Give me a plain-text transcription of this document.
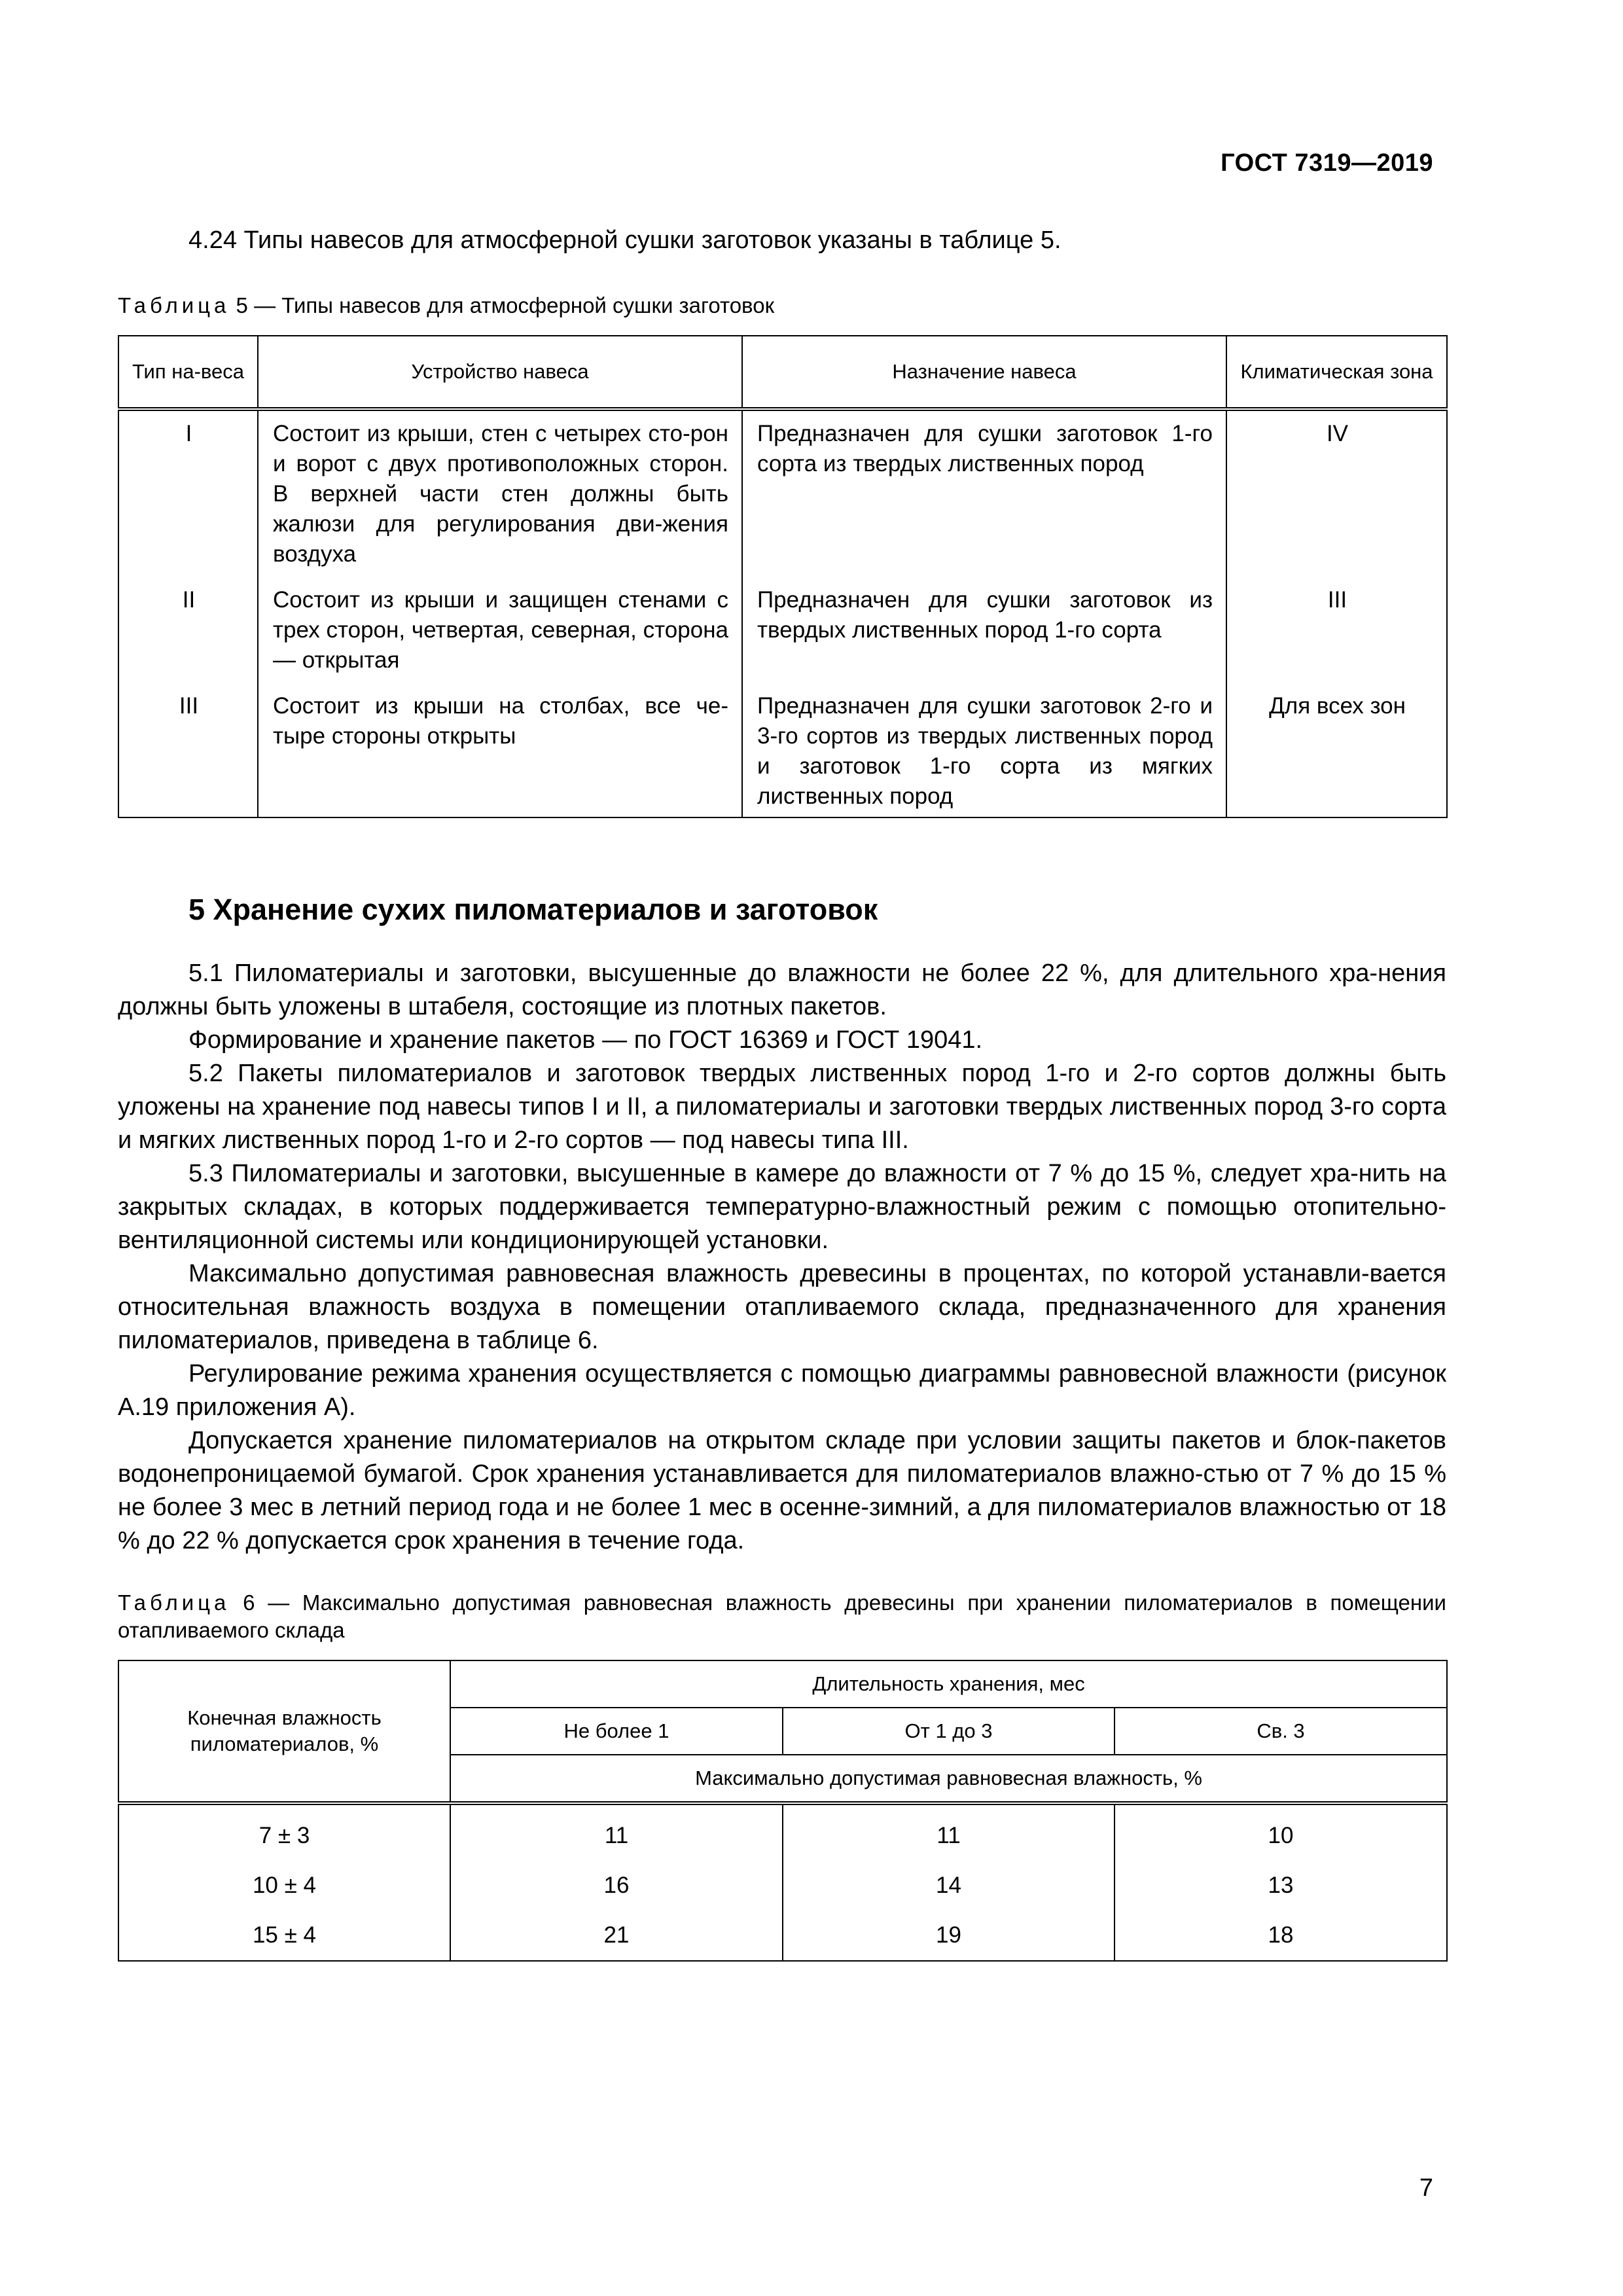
ГОСТ 7319—2019
4.24 Типы навесов для атмосферной сушки заготовок указаны в таблице 5.
Таблица 5 — Типы навесов для атмосферной сушки заготовок
Тип на-веса	Устройство навеса	Назначение навеса	Климатическая зона
I	Состоит из крыши, стен с четырех сто-рон и ворот с двух противоположных сторон. В верхней части стен должны быть жалюзи для регулирования дви-жения воздуха	Предназначен для сушки заготовок 1-го сорта из твердых лиственных пород	IV
II	Состоит из крыши и защищен стенами с трех сторон, четвертая, северная, сторона — открытая	Предназначен для сушки заготовок из твердых лиственных пород 1-го сорта	III
III	Состоит из крыши на столбах, все че-тыре стороны открыты	Предназначен для сушки заготовок 2-го и 3-го сортов из твердых лиственных пород и заготовок 1-го сорта из мягких лиственных пород	Для всех зон
5 Хранение сухих пиломатериалов и заготовок
5.1 Пиломатериалы и заготовки, высушенные до влажности не более 22 %, для длительного хра-нения должны быть уложены в штабеля, состоящие из плотных пакетов.
Формирование и хранение пакетов — по ГОСТ 16369 и ГОСТ 19041.
5.2 Пакеты пиломатериалов и заготовок твердых лиственных пород 1-го и 2-го сортов должны быть уложены на хранение под навесы типов I и II, а пиломатериалы и заготовки твердых лиственных пород 3-го сорта и мягких лиственных пород 1-го и 2-го сортов — под навесы типа III.
5.3 Пиломатериалы и заготовки, высушенные в камере до влажности от 7 % до 15 %, следует хра-нить на закрытых складах, в которых поддерживается температурно-влажностный режим с помощью отопительно-вентиляционной системы или кондиционирующей установки.
Максимально допустимая равновесная влажность древесины в процентах, по которой устанавли-вается относительная влажность воздуха в помещении отапливаемого склада, предназначенного для хранения пиломатериалов, приведена в таблице 6.
Регулирование режима хранения осуществляется с помощью диаграммы равновесной влажности (рисунок А.19 приложения А).
Допускается хранение пиломатериалов на открытом складе при условии защиты пакетов и блок-пакетов водонепроницаемой бумагой. Срок хранения устанавливается для пиломатериалов влажно-стью от 7 % до 15 % не более 3 мес в летний период года и не более 1 мес в осенне-зимний, а для пиломатериалов влажностью от 18 % до 22 % допускается срок хранения в течение года.
Таблица 6 — Максимально допустимая равновесная влажность древесины при хранении пиломатериалов в помещении отапливаемого склада
Конечная влажность пиломатериалов, %	Длительность хранения, мес		
	Не более 1	От 1 до 3	Св. 3
	Максимально допустимая равновесная влажность, %		
7 ± 3	11	11	10
10 ± 4	16	14	13
15 ± 4	21	19	18
7
